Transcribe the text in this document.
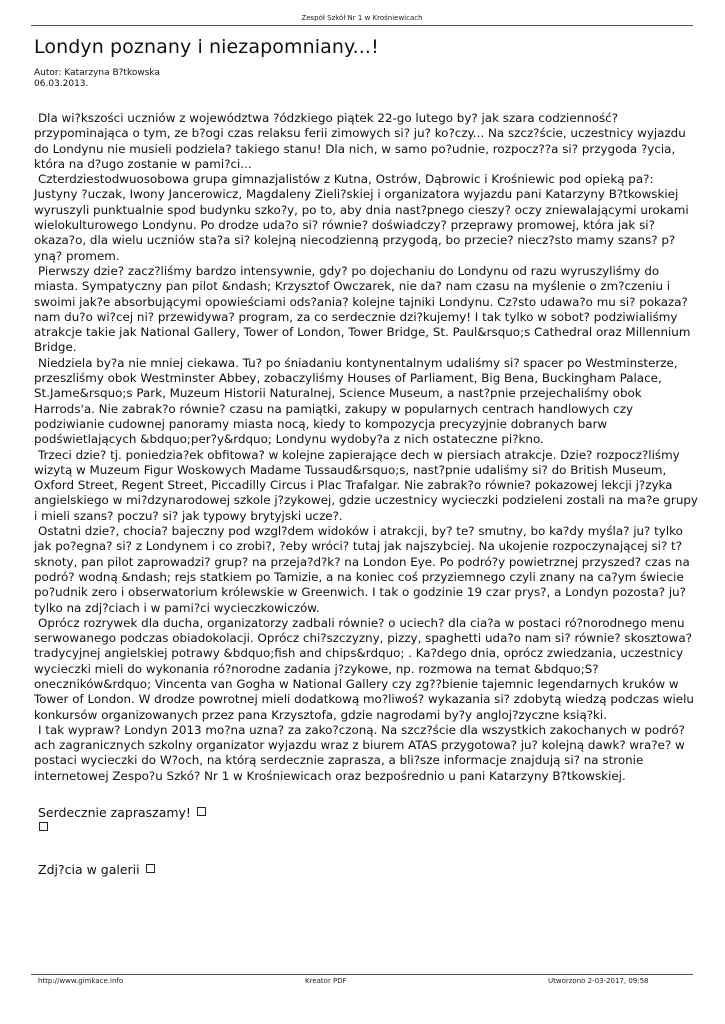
Zespół Szkół Nr 1 w Krośniewicach
Londyn poznany i niezapomniany...!
Autor: Katarzyna B?tkowska
06.03.2013.

Dla wi?kszości uczniów z województwa ?ódzkiego piątek 22-go lutego by? jak szara codzienność? przypominająca o tym, ze b?ogi czas relaksu ferii zimowych si? ju? ko?czy... Na szcz?ście, uczestnicy wyjazdu do Londynu nie musieli podziela? takiego stanu! Dla nich, w samo po?udnie, rozpocz??a si? przygoda ?ycia, która na d?ugo zostanie w pami?ci...

Czterdziestodwuosobowa grupa gimnazjalistów z Kutna, Ostrów, Dąbrowic i Krośniewic pod opieką pa?: Justyny ?uczak, Iwony Jancerowicz, Magdaleny Zieli?skiej i organizatora wyjazdu pani Katarzyny B?tkowskiej wyruszyli punktualnie spod budynku szko?y, po to, aby dnia nast?pnego cieszy? oczy zniewalającymi urokami wielokulturowego Londynu. Po drodze uda?o si? równie? doświadczy? przeprawy promowej, która jak si? okaza?o, dla wielu uczniów sta?a si? kolejną niecodzienną przygodą, bo przecie? niecz?sto mamy szans? p?yną? promem.

Pierwszy dzie? zacz?liśmy bardzo intensywnie, gdy? po dojechaniu do Londynu od razu wyruszyliśmy do miasta. Sympatyczny pan pilot &ndash; Krzysztof Owczarek, nie da? nam czasu na myślenie o zm?czeniu i swoimi jak?e absorbującymi opowieściami ods?ania? kolejne tajniki Londynu. Cz?sto udawa?o mu si? pokaza? nam du?o wi?cej ni? przewidywa? program, za co serdecznie dzi?kujemy! I tak tylko w sobot? podziwialiśmy atrakcje takie jak National Gallery, Tower of London, Tower Bridge, St. Paul&rsquo;s Cathedral oraz Millennium Bridge.

Niedziela by?a nie mniej ciekawa. Tu? po śniadaniu kontynentalnym udaliśmy si? spacer po Westminsterze, przeszliśmy obok Westminster Abbey, zobaczyliśmy Houses of Parliament, Big Bena, Buckingham Palace, St.Jame&rsquo;s Park, Muzeum Historii Naturalnej, Science Museum, a nast?pnie przejechaliśmy obok Harrods'a. Nie zabrak?o równie? czasu na pamiątki, zakupy w popularnych centrach handlowych czy podziwianie cudownej panoramy miasta nocą, kiedy to kompozycja precyzyjnie dobranych barw podświetlających &bdquo;per?y&rdquo; Londynu wydoby?a z nich ostateczne pi?kno.

Trzeci dzie? tj. poniedzia?ek obfitowa? w kolejne zapierające dech w piersiach atrakcje. Dzie? rozpocz?liśmy wizytą w Muzeum Figur Woskowych Madame Tussaud&rsquo;s, nast?pnie udaliśmy si? do British Museum, Oxford Street, Regent Street, Piccadilly Circus i Plac Trafalgar. Nie zabrak?o równie? pokazowej lekcji j?zyka angielskiego w mi?dzynarodowej szkole j?zykowej, gdzie uczestnicy wycieczki podzieleni zostali na ma?e grupy i mieli szans? poczu? si? jak typowy brytyjski ucze?.

Ostatni dzie?, chocia? bajeczny pod wzgl?dem widoków i atrakcji, by? te? smutny, bo ka?dy myśla? ju? tylko jak po?egna? si? z Londynem i co zrobi?, ?eby wróci? tutaj jak najszybciej. Na ukojenie rozpoczynającej si? t?sknoty, pan pilot zaprowadzi? grup? na przeja?d?k? na London Eye. Po podró?y powietrznej przyszed? czas na podró? wodną &ndash; rejs statkiem po Tamizie, a na koniec coś przyziemnego czyli znany na ca?ym świecie po?udnik zero i obserwatorium królewskie w Greenwich. I tak o godzinie 19 czar prys?, a Londyn pozosta? ju? tylko na zdj?ciach i w pami?ci wycieczkowiczów.

Oprócz rozrywek dla ducha, organizatorzy zadbali równie? o uciech? dla cia?a w postaci ró?norodnego menu serwowanego podczas obiadokolacji. Oprócz chi?szczyzny, pizzy, spaghetti uda?o nam si? równie? skosztowa? tradycyjnej angielskiej potrawy &bdquo;fish and chips&rdquo; . Ka?dego dnia, oprócz zwiedzania, uczestnicy wycieczki mieli do wykonania ró?norodne zadania j?zykowe, np. rozmowa na temat &bdquo;S?oneczników&rdquo; Vincenta van Gogha w National Gallery czy zg??bienie tajemnic legendarnych kruków w Tower of London. W drodze powrotnej mieli dodatkową mo?liwoś? wykazania si? zdobytą wiedzą podczas wielu konkursów organizowanych przez pana Krzysztofa, gdzie nagrodami by?y angloj?zyczne ksią?ki.

I tak wypraw? Londyn 2013 mo?na uzna? za zako?czoną. Na szcz?ście dla wszystkich zakochanych w podró?ach zagranicznych szkolny organizator wyjazdu wraz z biurem ATAS przygotowa? ju? kolejną dawk? wra?e? w postaci wycieczki do W?och, na którą serdecznie zaprasza, a bli?sze informacje znajdują si? na stronie internetowej Zespo?u Szkó? Nr 1 w Krośniewicach oraz bezpośrednio u pani Katarzyny B?tkowskiej.

Serdecznie zapraszamy!
Zdj?cia w galerii
http://www.gimkace.info	Kreator PDF	Utworzono 2-03-2017, 09:58
